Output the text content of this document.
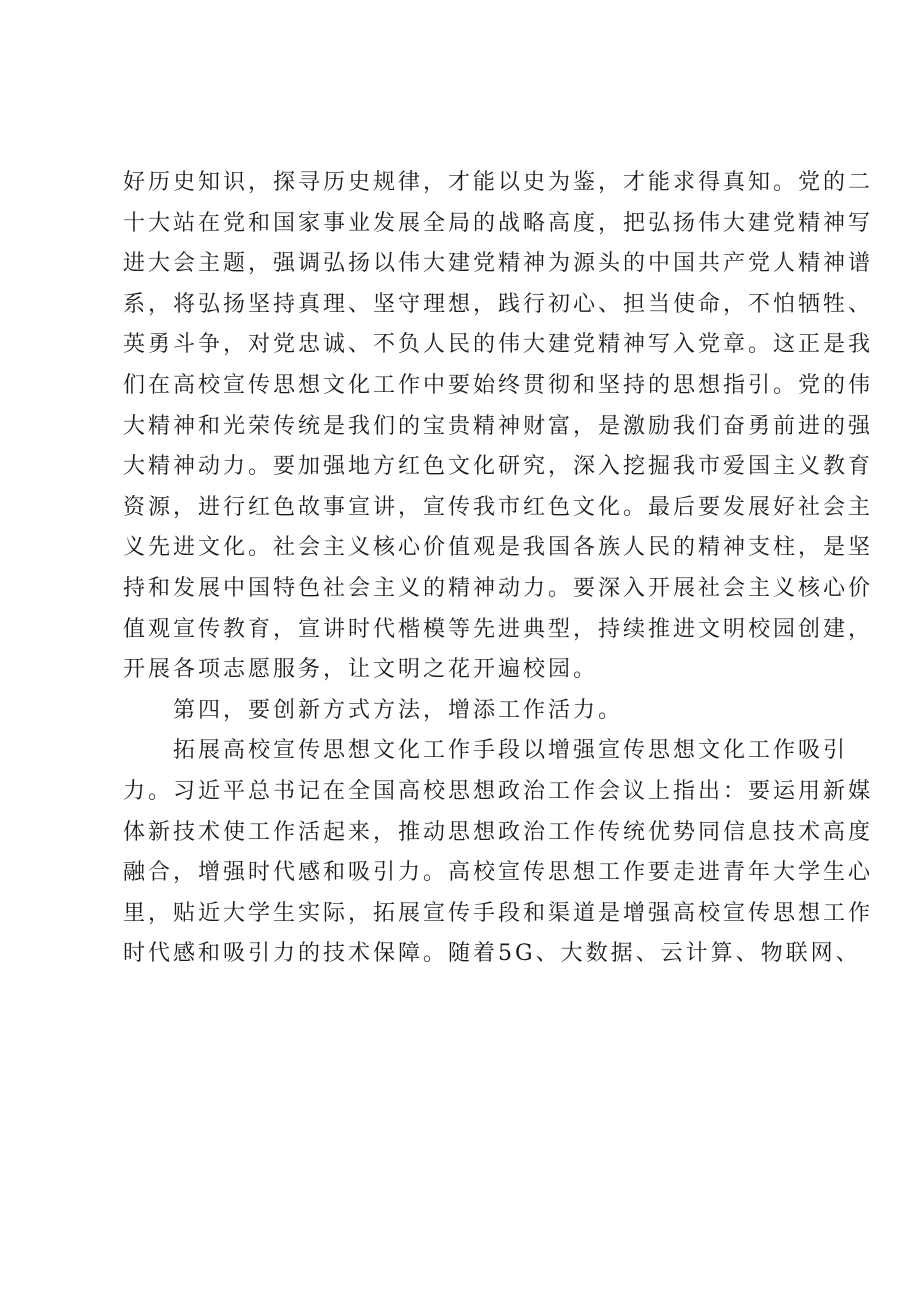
好历史知识，探寻历史规律，才能以史为鉴，才能求得真知。党的二
十大站在党和国家事业发展全局的战略高度，把弘扬伟大建党精神写
进大会主题，强调弘扬以伟大建党精神为源头的中国共产党人精神谱
系，将弘扬坚持真理、坚守理想，践行初心、担当使命，不怕牺牲、
英勇斗争，对党忠诚、不负人民的伟大建党精神写入党章。这正是我
们在高校宣传思想文化工作中要始终贯彻和坚持的思想指引。党的伟
大精神和光荣传统是我们的宝贵精神财富，是激励我们奋勇前进的强
大精神动力。要加强地方红色文化研究，深入挖掘我市爱国主义教育
资源，进行红色故事宣讲，宣传我市红色文化。最后要发展好社会主
义先进文化。社会主义核心价值观是我国各族人民的精神支柱，是坚
持和发展中国特色社会主义的精神动力。要深入开展社会主义核心价
值观宣传教育，宣讲时代楷模等先进典型，持续推进文明校园创建，
开展各项志愿服务，让文明之花开遍校园。
第四，要创新方式方法，增添工作活力。
拓展高校宣传思想文化工作手段以增强宣传思想文化工作吸引
力。习近平总书记在全国高校思想政治工作会议上指出：要运用新媒
体新技术使工作活起来，推动思想政治工作传统优势同信息技术高度
融合，增强时代感和吸引力。高校宣传思想工作要走进青年大学生心
里，贴近大学生实际，拓展宣传手段和渠道是增强高校宣传思想工作
时代感和吸引力的技术保障。随着5G、大数据、云计算、物联网、
